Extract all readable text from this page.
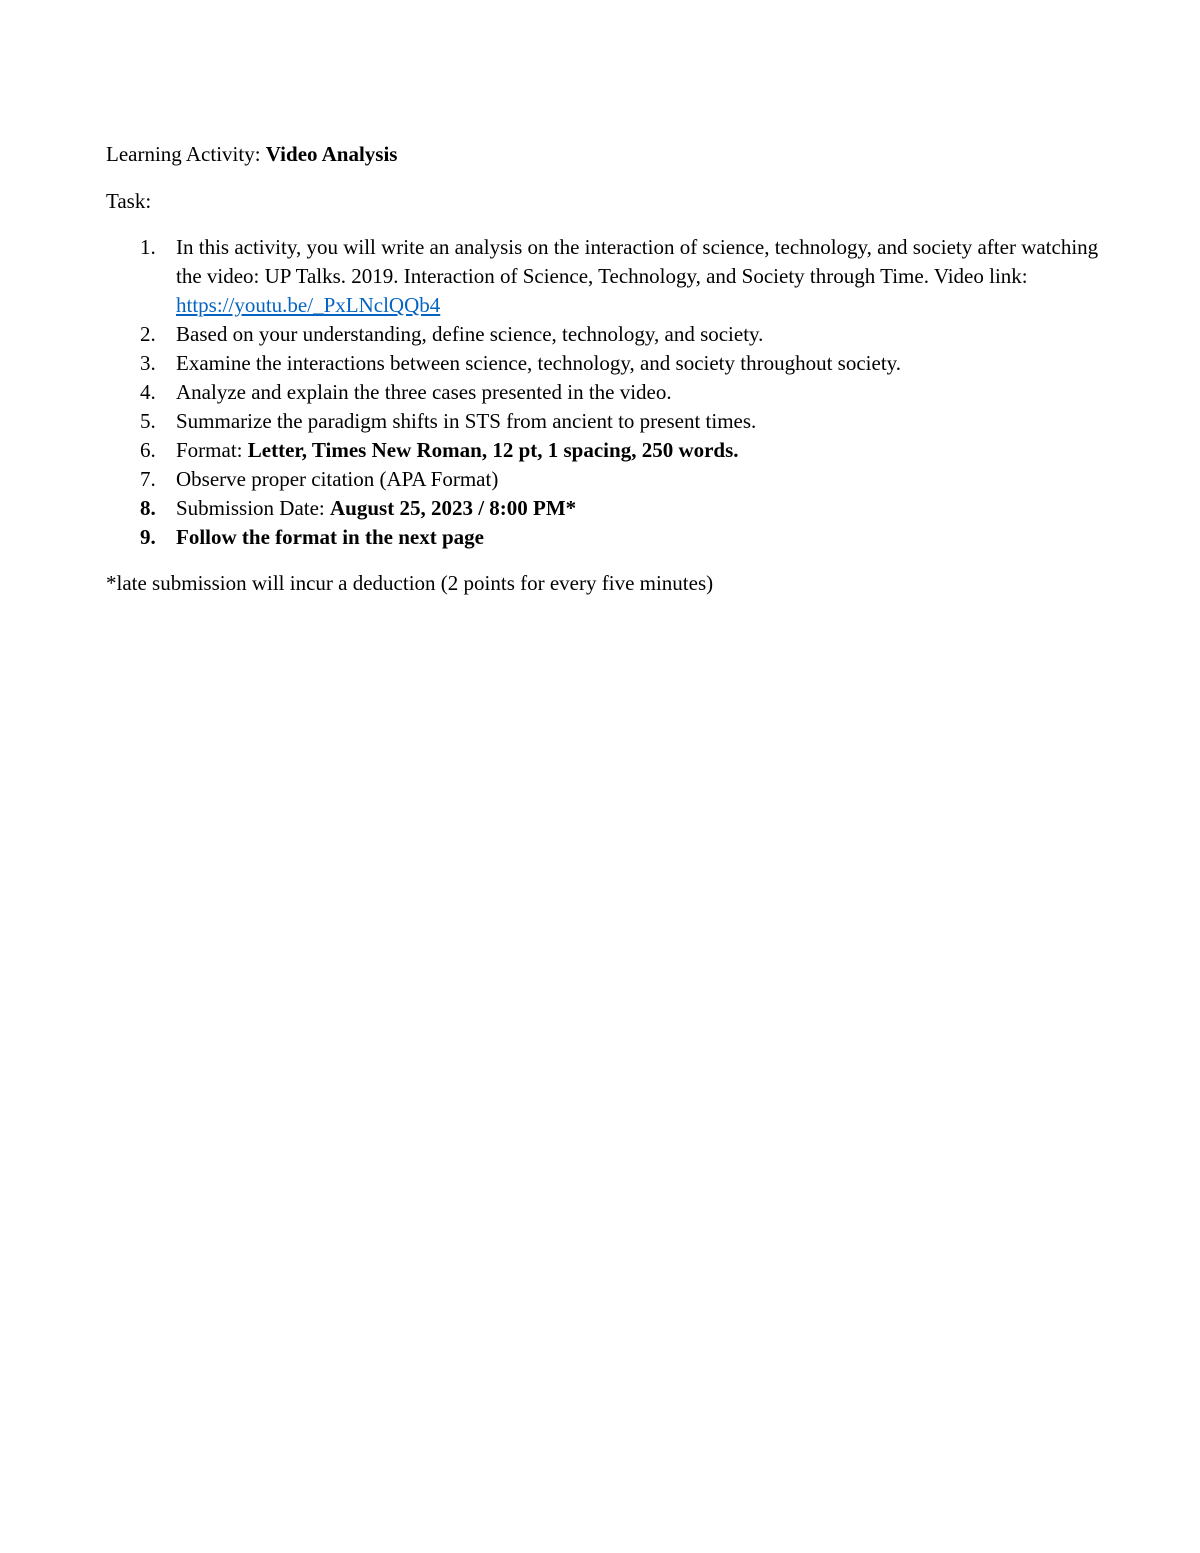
Learning Activity: Video Analysis

Task:

1. In this activity, you will write an analysis on the interaction of science, technology, and society after watching the video: UP Talks. 2019. Interaction of Science, Technology, and Society through Time. Video link: https://youtu.be/_PxLNclQQb4
2. Based on your understanding, define science, technology, and society.
3. Examine the interactions between science, technology, and society throughout society.
4. Analyze and explain the three cases presented in the video.
5. Summarize the paradigm shifts in STS from ancient to present times.
6. Format: Letter, Times New Roman, 12 pt, 1 spacing, 250 words.
7. Observe proper citation (APA Format)
8. Submission Date: August 25, 2023 / 8:00 PM*
9. Follow the format in the next page

*late submission will incur a deduction (2 points for every five minutes)
